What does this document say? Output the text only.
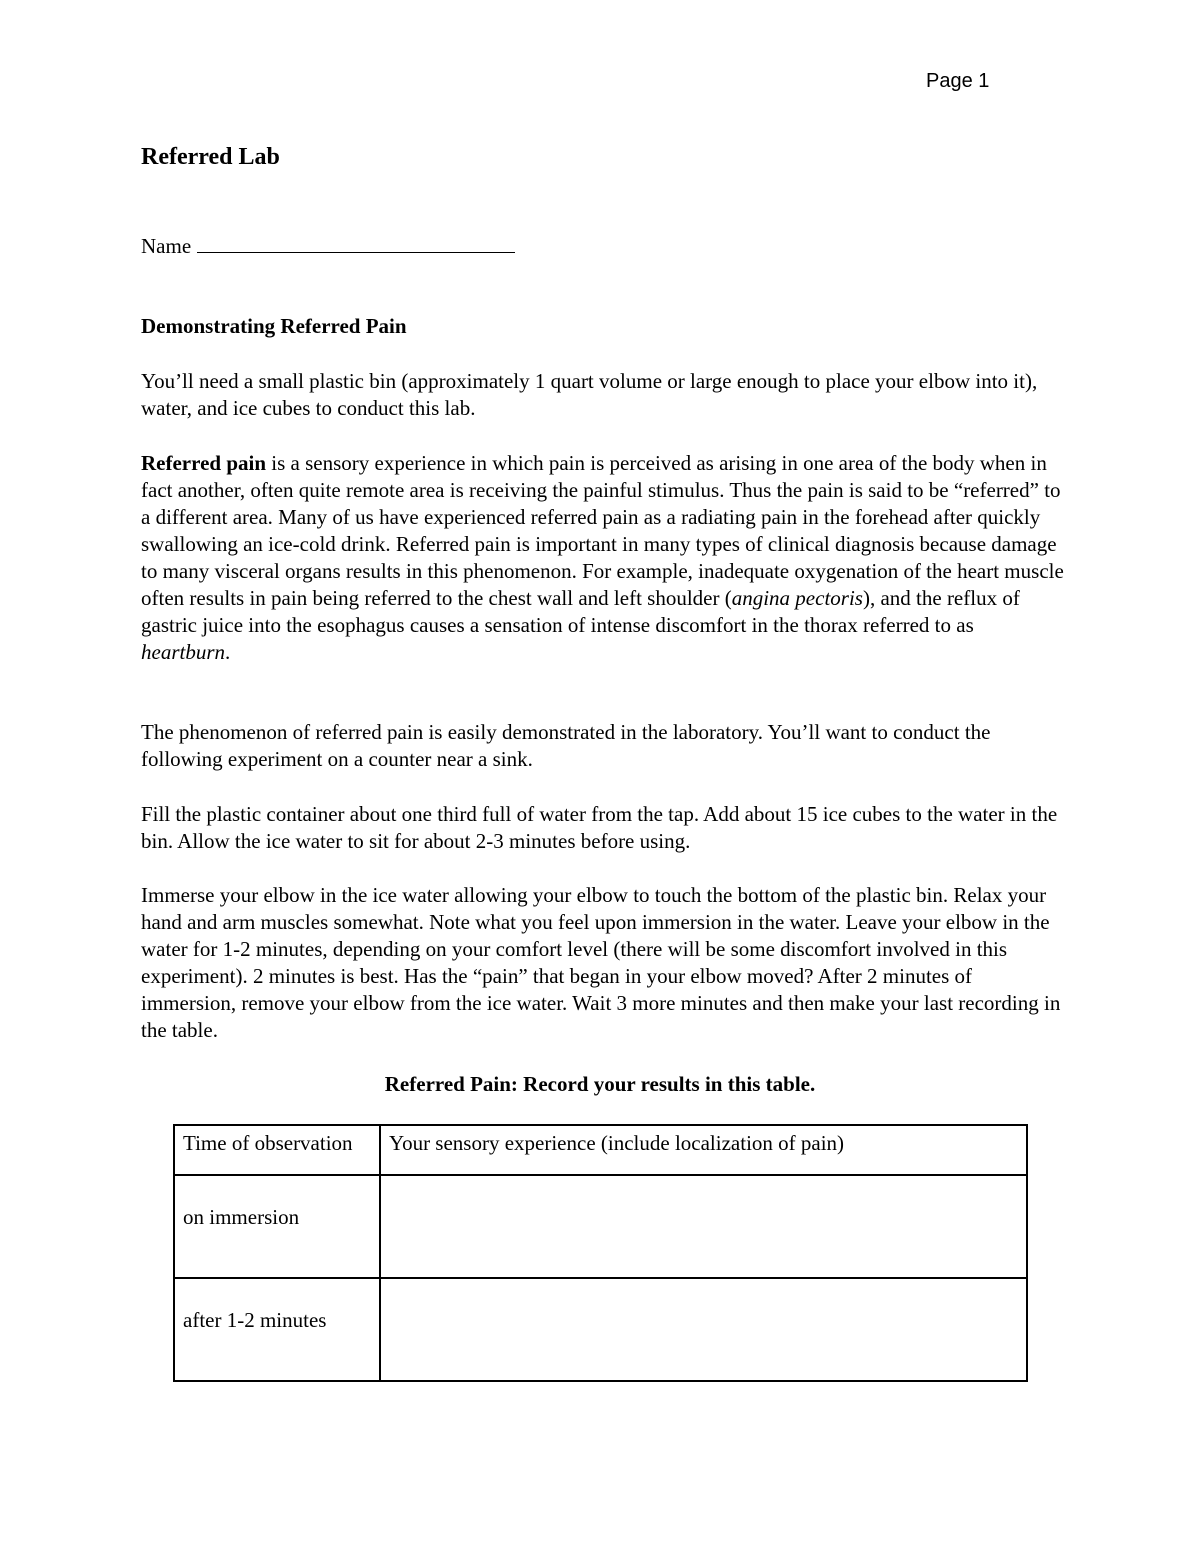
Page 1
Referred Lab
Name
Demonstrating Referred Pain

You’ll need a small plastic bin (approximately 1 quart volume or large enough to place your elbow into it), water, and ice cubes to conduct this lab.

Referred pain is a sensory experience in which pain is perceived as arising in one area of the body when in fact another, often quite remote area is receiving the painful stimulus. Thus the pain is said to be “referred” to a different area. Many of us have experienced referred pain as a radiating pain in the forehead after quickly swallowing an ice-cold drink. Referred pain is important in many types of clinical diagnosis because damage to many visceral organs results in this phenomenon. For example, inadequate oxygenation of the heart muscle often results in pain being referred to the chest wall and left shoulder (angina pectoris), and the reflux of gastric juice into the esophagus causes a sensation of intense discomfort in the thorax referred to as heartburn.

The phenomenon of referred pain is easily demonstrated in the laboratory. You’ll want to conduct the following experiment on a counter near a sink.

Fill the plastic container about one third full of water from the tap. Add about 15 ice cubes to the water in the bin. Allow the ice water to sit for about 2-3 minutes before using.

Immerse your elbow in the ice water allowing your elbow to touch the bottom of the plastic bin. Relax your hand and arm muscles somewhat. Note what you feel upon immersion in the water. Leave your elbow in the water for 1-2 minutes, depending on your comfort level (there will be some discomfort involved in this experiment). 2 minutes is best. Has the “pain” that began in your elbow moved? After 2 minutes of immersion, remove your elbow from the ice water. Wait 3 more minutes and then make your last recording in the table.

Referred Pain: Record your results in this table.

Time of observation	Your sensory experience (include localization of pain)
on immersion	
after 1-2 minutes	
